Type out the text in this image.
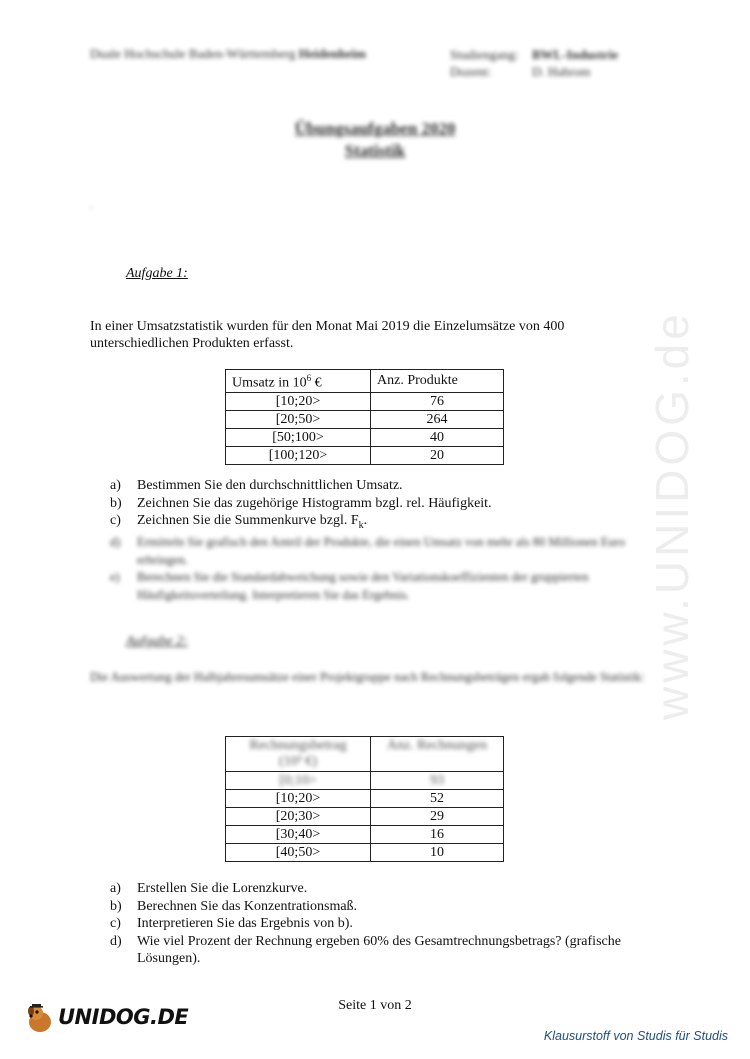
www.UNIDOG.de
Duale Hochschule Baden-Württemberg Heidenheim	Studiengang: BWL-Industrie
Dozent:	D. Hahrom
Übungsaufgaben 2020
Statistik
.
Aufgabe 1:
In einer Umsatzstatistik wurden für den Monat Mai 2019 die Einzelumsätze von 400
unterschiedlichen Produkten erfasst.
Umsatz in $10^6$ €	Anz. Produkte
[10;20>	76
[20;50>	264
[50;100>	40
[100;120>	20
a) Bestimmen Sie den durchschnittlichen Umsatz.
b) Zeichnen Sie das zugehörige Histogramm bzgl. rel. Häufigkeit.
c) Zeichnen Sie die Summenkurve bzgl. $F_k$.
d) Ermitteln Sie grafisch den Anteil der Produkte, die einen Umsatz von mehr als 80 Millionen Euro erbringen.
e) Berechnen Sie die Standardabweichung sowie den Variationskoeffizienten der gruppierten Häufigkeitsverteilung. Interpretieren Sie das Ergebnis.
Aufgabe 2:
Die Auswertung der Halbjahresumsätze einer Projektgruppe nach Rechnungsbeträgen ergab folgende Statistik:
Rechnungsbetrag
(10³ €)	Anz. Rechnungen
[0;10>	93
[10;20>	52
[20;30>	29
[30;40>	16
[40;50>	10
a) Erstellen Sie die Lorenzkurve.
b) Berechnen Sie das Konzentrationsmaß.
c) Interpretieren Sie das Ergebnis von b).
d) Wie viel Prozent der Rechnung ergeben 60% des Gesamtrechnungsbetrags? (grafische Lösungen).
Seite 1 von 2
UNIDOG.DE
Klausurstoff von Studis für Studis
